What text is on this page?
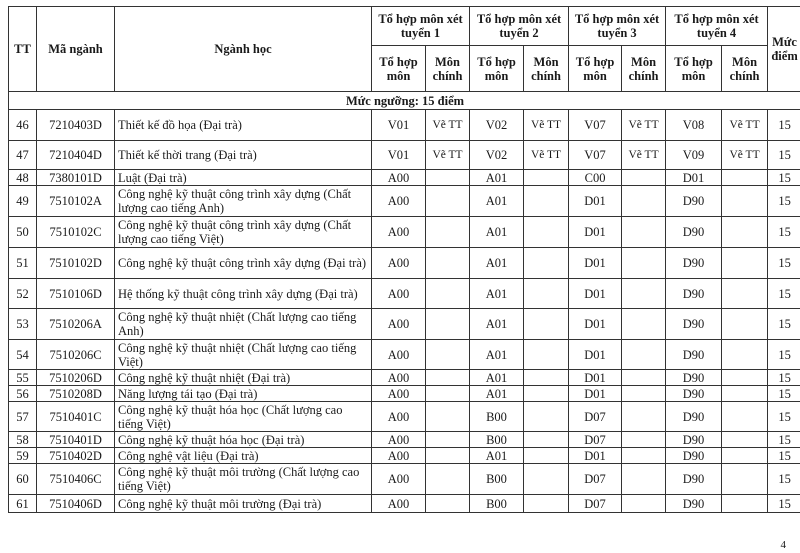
TT	Mã ngành	Ngành học	Tổ hợp môn xét tuyển 1		Tổ hợp môn xét tuyển 2		Tổ hợp môn xét tuyển 3		Tổ hợp môn xét tuyển 4		Mức điểm
			Tổ hợp môn	Môn chính	Tổ hợp môn	Môn chính	Tổ hợp môn	Môn chính	Tổ hợp môn	Môn chính	
Mức ngưỡng: 15 điểm											
46	7210403D	Thiết kế đồ họa (Đại trà)	V01	Vẽ TT	V02	Vẽ TT	V07	Vẽ TT	V08	Vẽ TT	15
47	7210404D	Thiết kế thời trang (Đại trà)	V01	Vẽ TT	V02	Vẽ TT	V07	Vẽ TT	V09	Vẽ TT	15
48	7380101D	Luật (Đại trà)	A00		A01		C00		D01		15
49	7510102A	Công nghệ kỹ thuật công trình xây dựng (Chất lượng cao tiếng Anh)	A00		A01		D01		D90		15
50	7510102C	Công nghệ kỹ thuật công trình xây dựng (Chất lượng cao tiếng Việt)	A00		A01		D01		D90		15
51	7510102D	Công nghệ kỹ thuật công trình xây dựng (Đại trà)	A00		A01		D01		D90		15
52	7510106D	Hệ thống kỹ thuật công trình xây dựng (Đại trà)	A00		A01		D01		D90		15
53	7510206A	Công nghệ kỹ thuật nhiệt (Chất lượng cao tiếng Anh)	A00		A01		D01		D90		15
54	7510206C	Công nghệ kỹ thuật nhiệt (Chất lượng cao tiếng Việt)	A00		A01		D01		D90		15
55	7510206D	Công nghệ kỹ thuật nhiệt (Đại trà)	A00		A01		D01		D90		15
56	7510208D	Năng lượng tái tạo (Đại trà)	A00		A01		D01		D90		15
57	7510401C	Công nghệ kỹ thuật hóa học (Chất lượng cao tiếng Việt)	A00		B00		D07		D90		15
58	7510401D	Công nghệ kỹ thuật hóa học (Đại trà)	A00		B00		D07		D90		15
59	7510402D	Công nghệ vật liệu (Đại trà)	A00		A01		D01		D90		15
60	7510406C	Công nghệ kỹ thuật môi trường (Chất lượng cao tiếng Việt)	A00		B00		D07		D90		15
61	7510406D	Công nghệ kỹ thuật môi trường (Đại trà)	A00		B00		D07		D90		15
4
